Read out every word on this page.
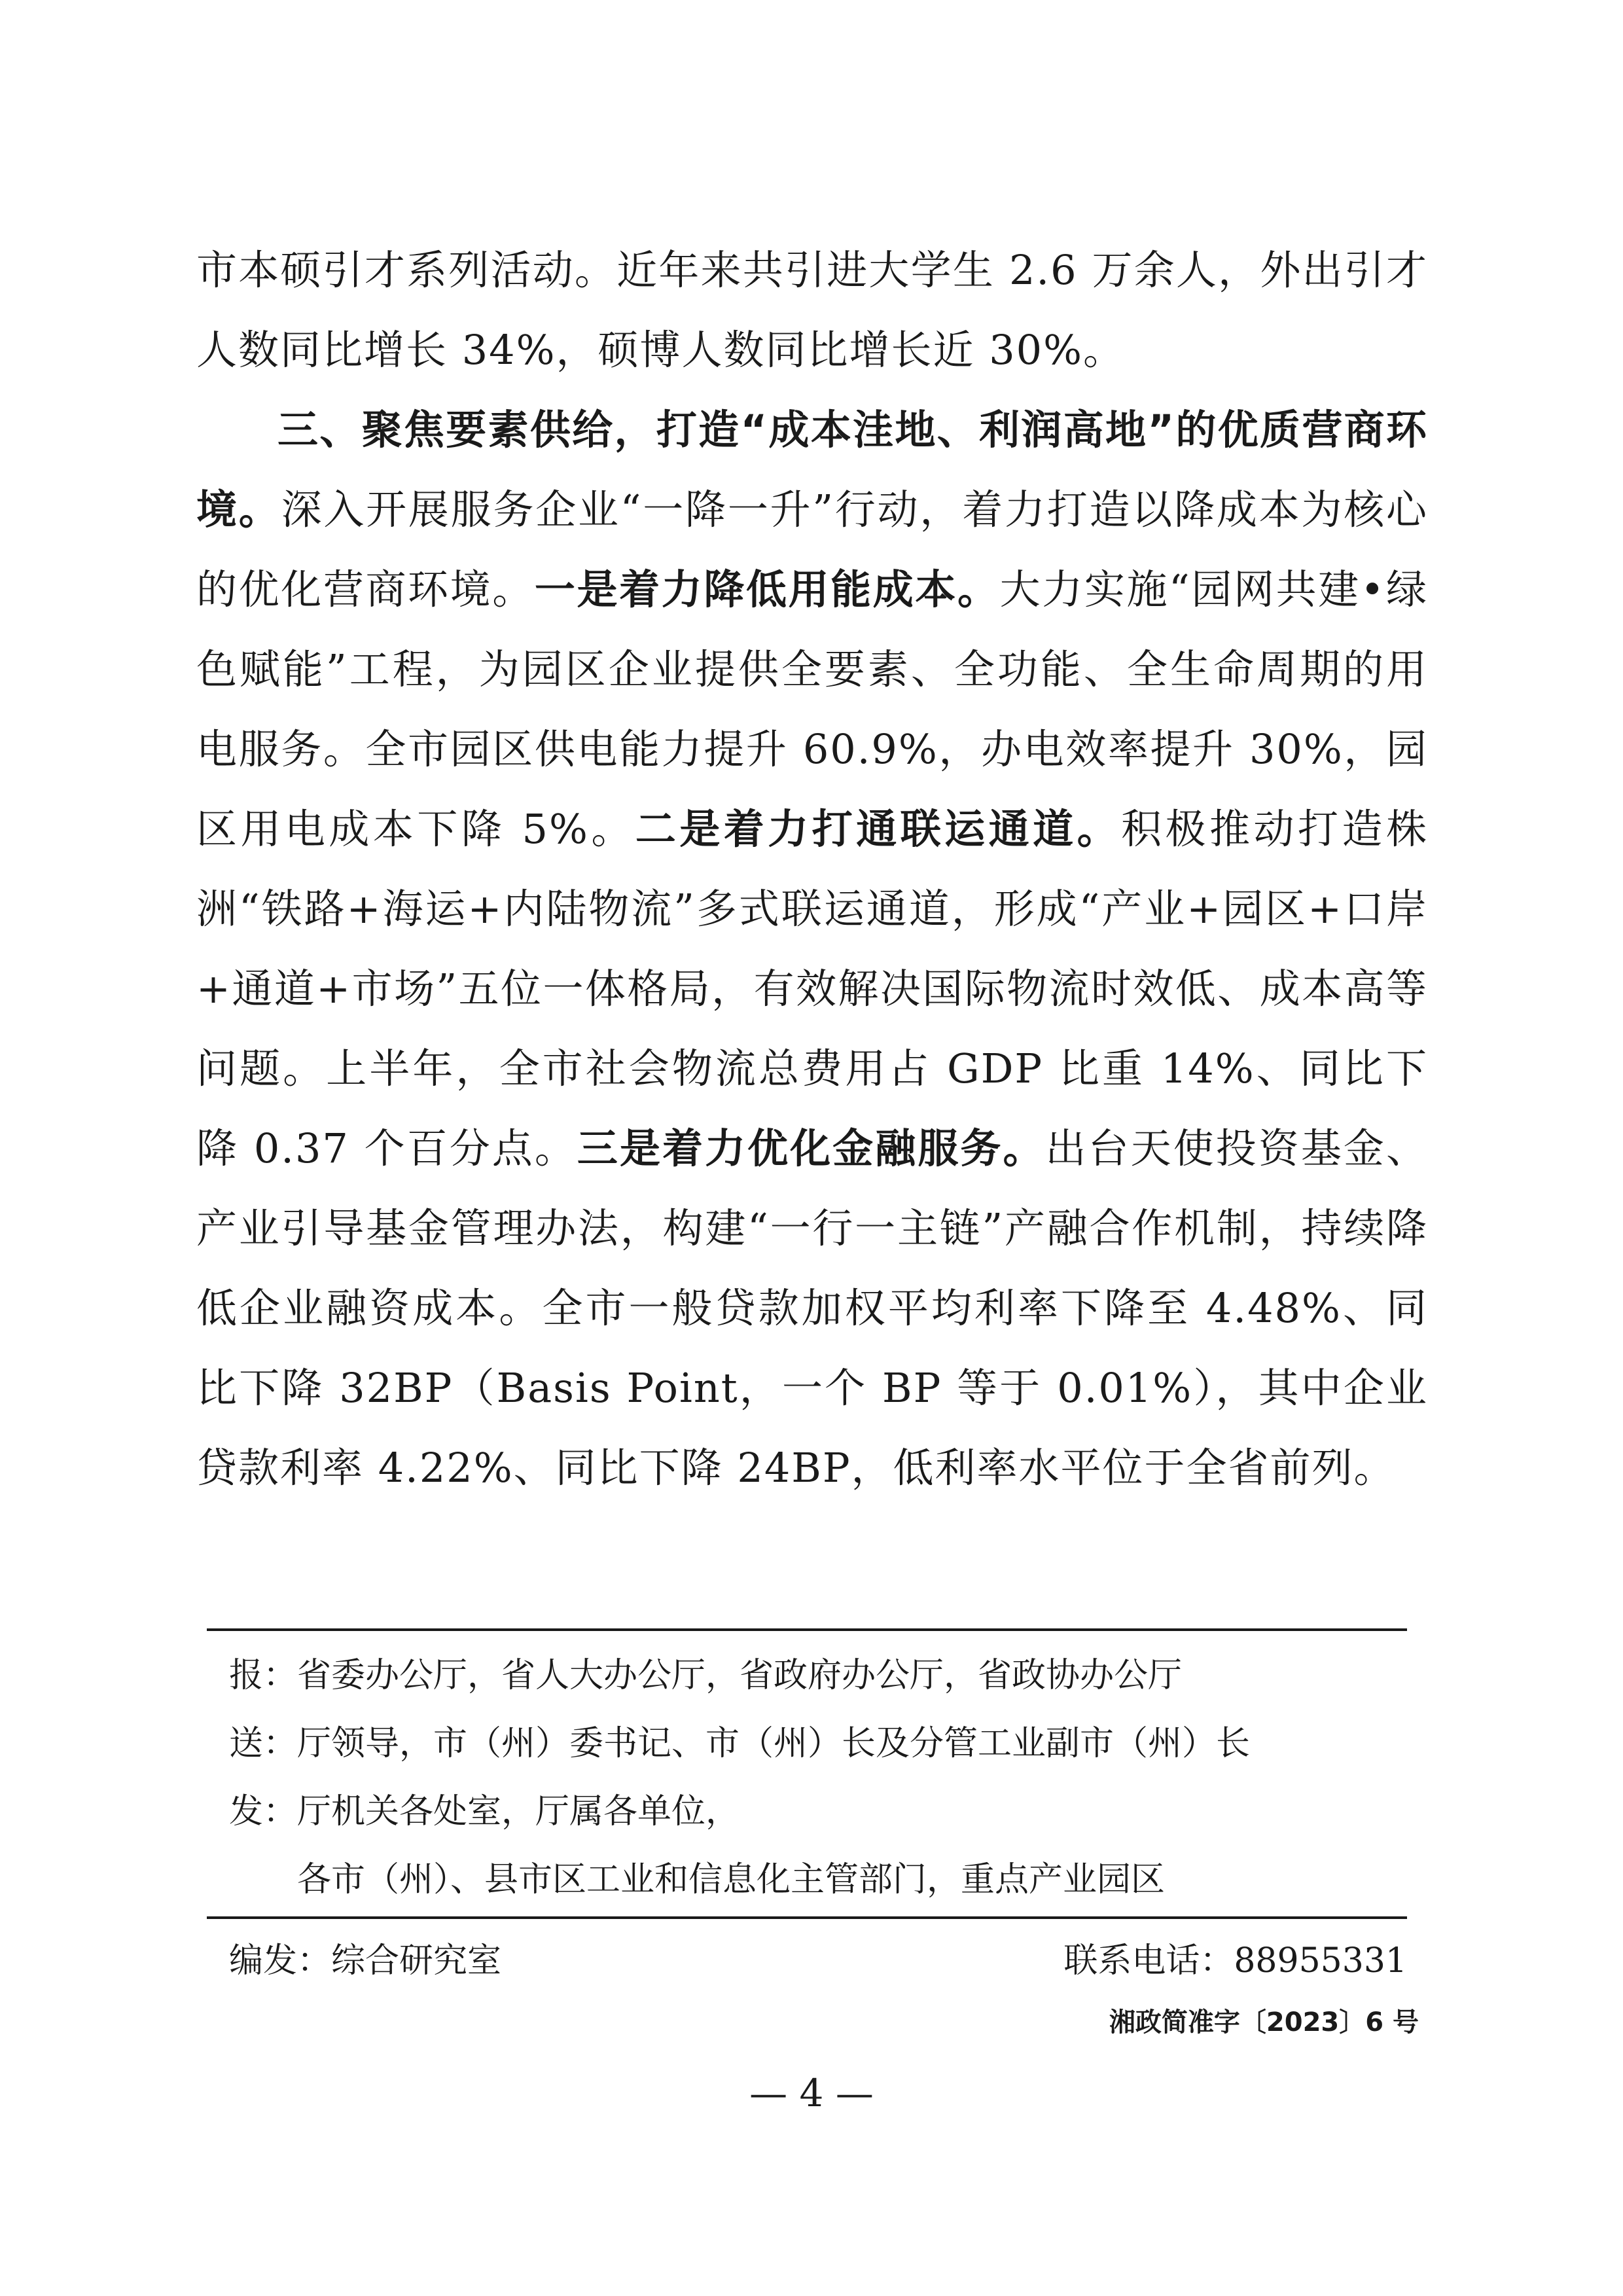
市本硕引才系列活动。近年来共引进大学生 2.6 万余人，外出引才人数同比增长 34%，硕博人数同比增长近 30%。

三、聚焦要素供给，打造“成本洼地、利润高地”的优质营商环境。深入开展服务企业“一降一升”行动，着力打造以降成本为核心的优化营商环境。一是着力降低用能成本。大力实施“园网共建•绿色赋能”工程，为园区企业提供全要素、全功能、全生命周期的用电服务。全市园区供电能力提升 60.9%，办电效率提升 30%，园区用电成本下降 5%。二是着力打通联运通道。积极推动打造株洲“铁路+海运+内陆物流”多式联运通道，形成“产业+园区+口岸+通道+市场”五位一体格局，有效解决国际物流时效低、成本高等问题。上半年，全市社会物流总费用占 GDP 比重 14%、同比下降 0.37 个百分点。三是着力优化金融服务。出台天使投资基金、产业引导基金管理办法，构建“一行一主链”产融合作机制，持续降低企业融资成本。全市一般贷款加权平均利率下降至 4.48%、同比下降 32BP（Basis Point，一个 BP 等于 0.01%），其中企业贷款利率 4.22%、同比下降 24BP，低利率水平位于全省前列。

报： 省委办公厅，省人大办公厅，省政府办公厅，省政协办公厅
送： 厅领导，市（州）委书记、市（州）长及分管工业副市（州）长
发： 厅机关各处室，厅属各单位，
各市（州）、县市区工业和信息化主管部门，重点产业园区
编发：综合研究室	联系电话：88955331
湘政简准字〔2023〕6 号
— 4 —
